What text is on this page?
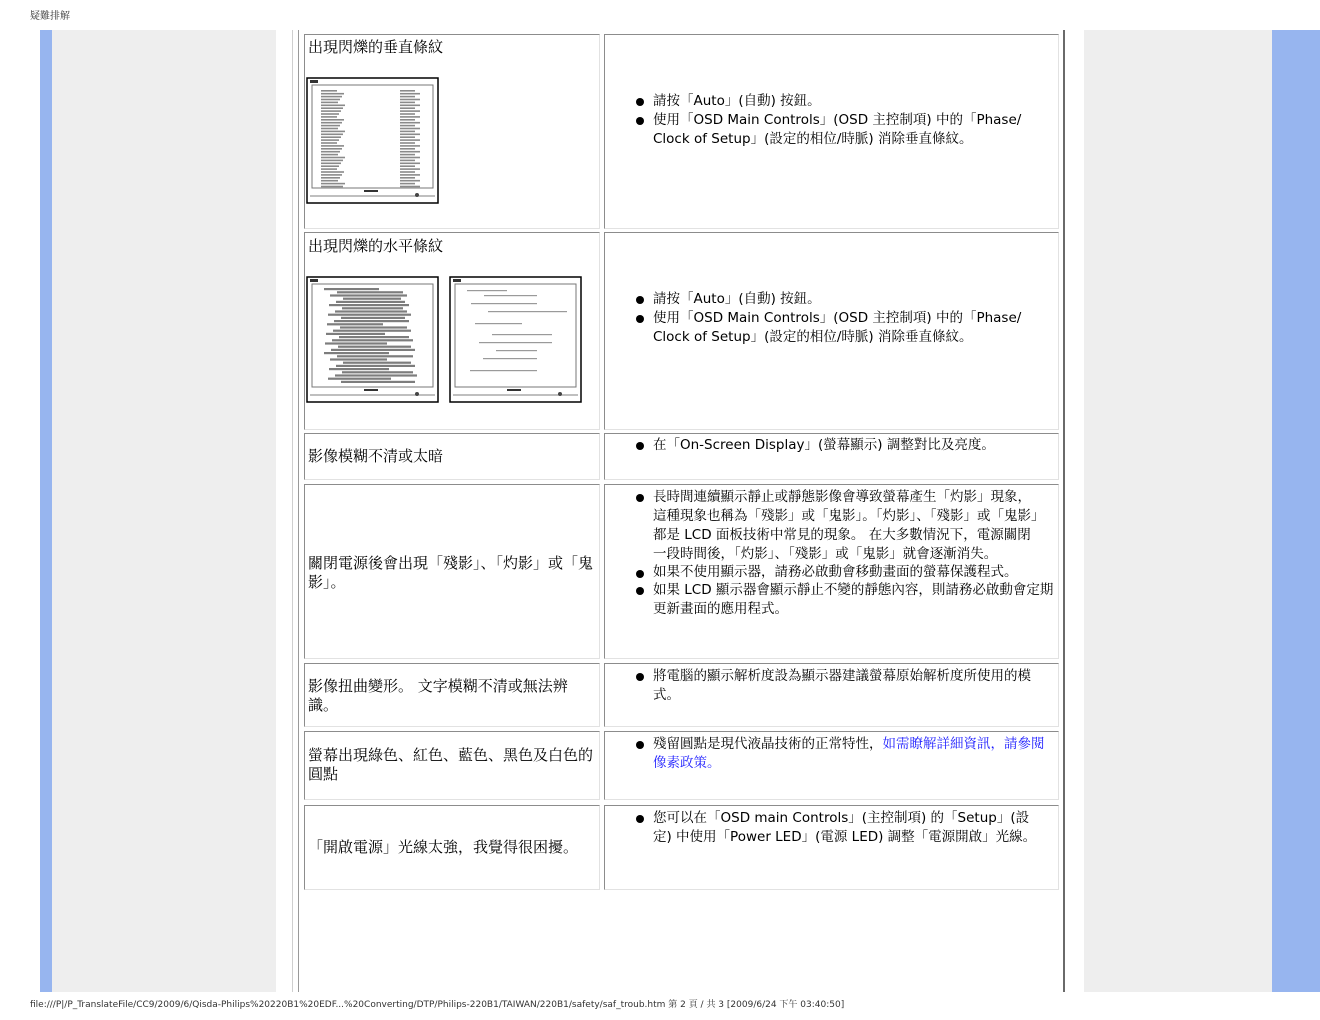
疑難排解
出現閃爍的垂直條紋
請按「Auto」(自動) 按鈕。
使用「OSD Main Controls」(OSD 主控制項) 中的「Phase/ Clock of Setup」(設定的相位/時脈) 消除垂直條紋。
出現閃爍的水平條紋
請按「Auto」(自動) 按鈕。
使用「OSD Main Controls」(OSD 主控制項) 中的「Phase/ Clock of Setup」(設定的相位/時脈) 消除垂直條紋。
影像模糊不清或太暗
在「On-Screen Display」(螢幕顯示) 調整對比及亮度。
關閉電源後會出現「殘影」、「灼影」或「鬼影」。
長時間連續顯示靜止或靜態影像會導致螢幕產生「灼影」現象，這種現象也稱為「殘影」或「鬼影」。「灼影」、「殘影」或「鬼影」都是 LCD 面板技術中常見的現象。 在大多數情況下，電源關閉一段時間後，「灼影」、「殘影」或「鬼影」就會逐漸消失。
如果不使用顯示器，請務必啟動會移動畫面的螢幕保護程式。
如果 LCD 顯示器會顯示靜止不變的靜態內容，則請務必啟動會定期更新畫面的應用程式。
影像扭曲變形。 文字模糊不清或無法辨識。
將電腦的顯示解析度設為顯示器建議螢幕原始解析度所使用的模式。
螢幕出現綠色、紅色、藍色、黑色及白色的圓點
殘留圓點是現代液晶技術的正常特性，如需瞭解詳細資訊，請參閱像素政策。
「開啟電源」光線太強，我覺得很困擾。
您可以在「OSD main Controls」(主控制項) 的「Setup」(設定) 中使用「Power LED」(電源 LED) 調整「電源開啟」光線。
file:///P|/P_TranslateFile/CC9/2009/6/Qisda-Philips%20220B1%20EDF...%20Converting/DTP/Philips-220B1/TAIWAN/220B1/safety/saf_troub.htm 第 2 頁 / 共 3 [2009/6/24 下午 03:40:50]
